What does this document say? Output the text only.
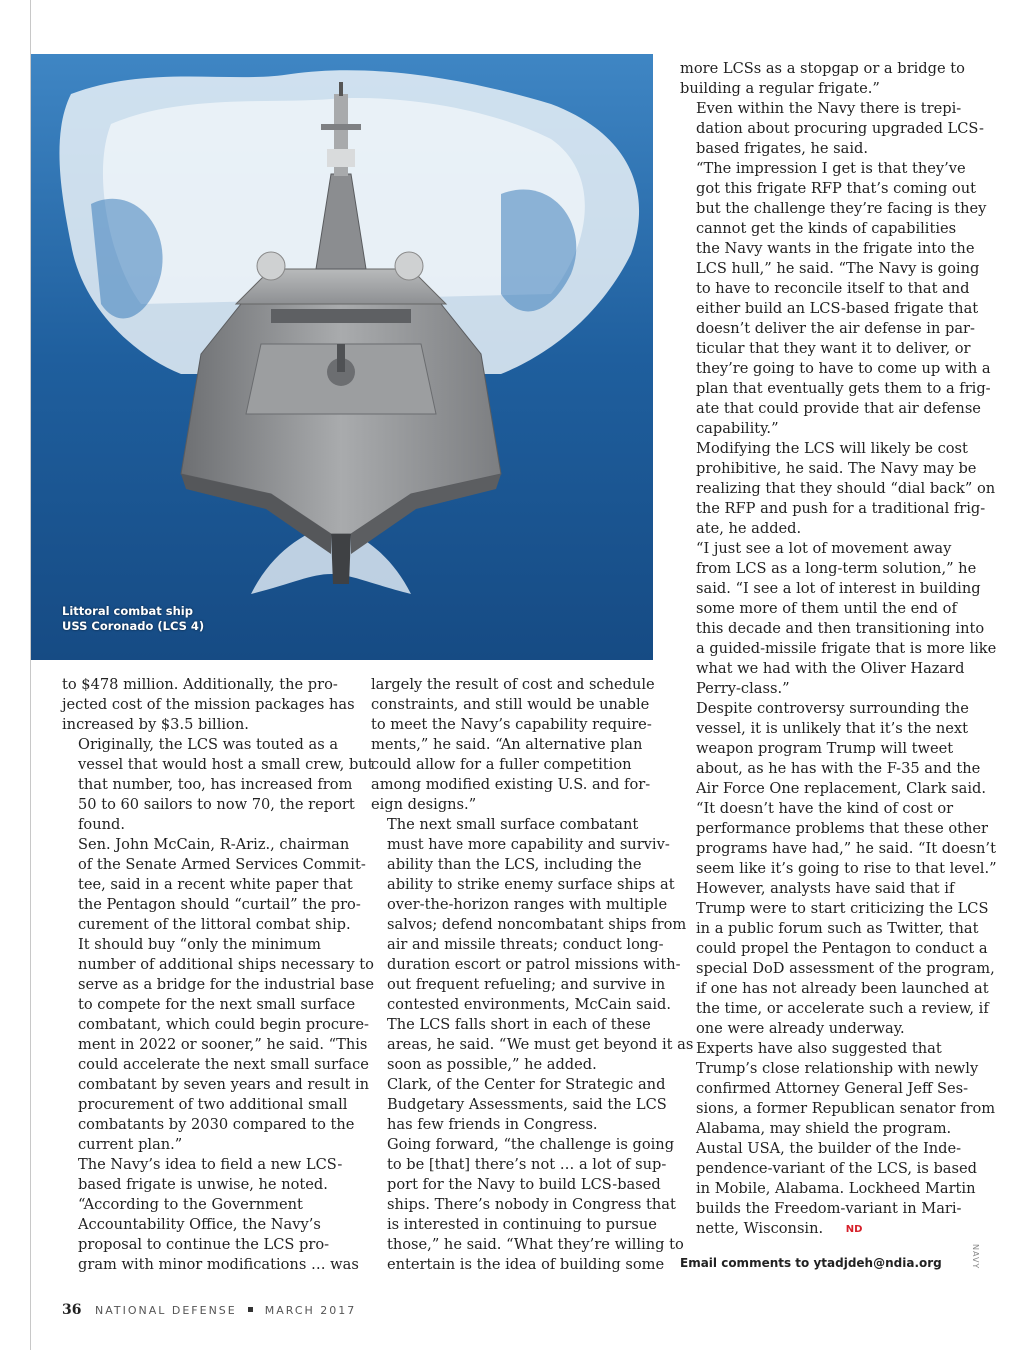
Littoral combat ship
USS Coronado (LCS 4)

to $478 million. Additionally, the pro-
jected cost of the mission packages has
increased by $3.5 billion.

Originally, the LCS was touted as a
vessel that would host a small crew, but
that number, too, has increased from
50 to 60 sailors to now 70, the report
found.

Sen. John McCain, R-Ariz., chairman
of the Senate Armed Services Commit-
tee, said in a recent white paper that
the Pentagon should “curtail” the pro-
curement of the littoral combat ship.

It should buy “only the minimum
number of additional ships necessary to
serve as a bridge for the industrial base
to compete for the next small surface
combatant, which could begin procure-
ment in 2022 or sooner,” he said. “This
could accelerate the next small surface
combatant by seven years and result in
procurement of two additional small
combatants by 2030 compared to the
current plan.”

The Navy’s idea to field a new LCS-
based frigate is unwise, he noted.

“According to the Government
Accountability Office, the Navy’s
proposal to continue the LCS pro-
gram with minor modifications … was

largely the result of cost and schedule
constraints, and still would be unable
to meet the Navy’s capability require-
ments,” he said. “An alternative plan
could allow for a fuller competition
among modified existing U.S. and for-
eign designs.”

The next small surface combatant
must have more capability and surviv-
ability than the LCS, including the
ability to strike enemy surface ships at
over-the-horizon ranges with multiple
salvos; defend noncombatant ships from
air and missile threats; conduct long-
duration escort or patrol missions with-
out frequent refueling; and survive in
contested environments, McCain said.

The LCS falls short in each of these
areas, he said. “We must get beyond it as
soon as possible,” he added.

Clark, of the Center for Strategic and
Budgetary Assessments, said the LCS
has few friends in Congress.

Going forward, “the challenge is going
to be [that] there’s not … a lot of sup-
port for the Navy to build LCS-based
ships. There’s nobody in Congress that
is interested in continuing to pursue
those,” he said. “What they’re willing to
entertain is the idea of building some

more LCSs as a stopgap or a bridge to
building a regular frigate.”

Even within the Navy there is trepi-
dation about procuring upgraded LCS-
based frigates, he said.

“The impression I get is that they’ve
got this frigate RFP that’s coming out
but the challenge they’re facing is they
cannot get the kinds of capabilities
the Navy wants in the frigate into the
LCS hull,” he said. “The Navy is going
to have to reconcile itself to that and
either build an LCS-based frigate that
doesn’t deliver the air defense in par-
ticular that they want it to deliver, or
they’re going to have to come up with a
plan that eventually gets them to a frig-
ate that could provide that air defense
capability.”

Modifying the LCS will likely be cost
prohibitive, he said. The Navy may be
realizing that they should “dial back” on
the RFP and push for a traditional frig-
ate, he added.

“I just see a lot of movement away
from LCS as a long-term solution,” he
said. “I see a lot of interest in building
some more of them until the end of
this decade and then transitioning into
a guided-missile frigate that is more like
what we had with the Oliver Hazard
Perry-class.”

Despite controversy surrounding the
vessel, it is unlikely that it’s the next
weapon program Trump will tweet
about, as he has with the F-35 and the
Air Force One replacement, Clark said.

“It doesn’t have the kind of cost or
performance problems that these other
programs have had,” he said. “It doesn’t
seem like it’s going to rise to that level.”

However, analysts have said that if
Trump were to start criticizing the LCS
in a public forum such as Twitter, that
could propel the Pentagon to conduct a
special DoD assessment of the program,
if one has not already been launched at
the time, or accelerate such a review, if
one were already underway.

Experts have also suggested that
Trump’s close relationship with newly
confirmed Attorney General Jeff Ses-
sions, a former Republican senator from
Alabama, may shield the program.
Austal USA, the builder of the Inde-
pendence-variant of the LCS, is based
in Mobile, Alabama. Lockheed Martin
builds the Freedom-variant in Mari-
nette, Wisconsin. ND

Email comments to ytadjdeh@ndia.org	NAVY
36 NATIONAL DEFENSE	MARCH 2017
